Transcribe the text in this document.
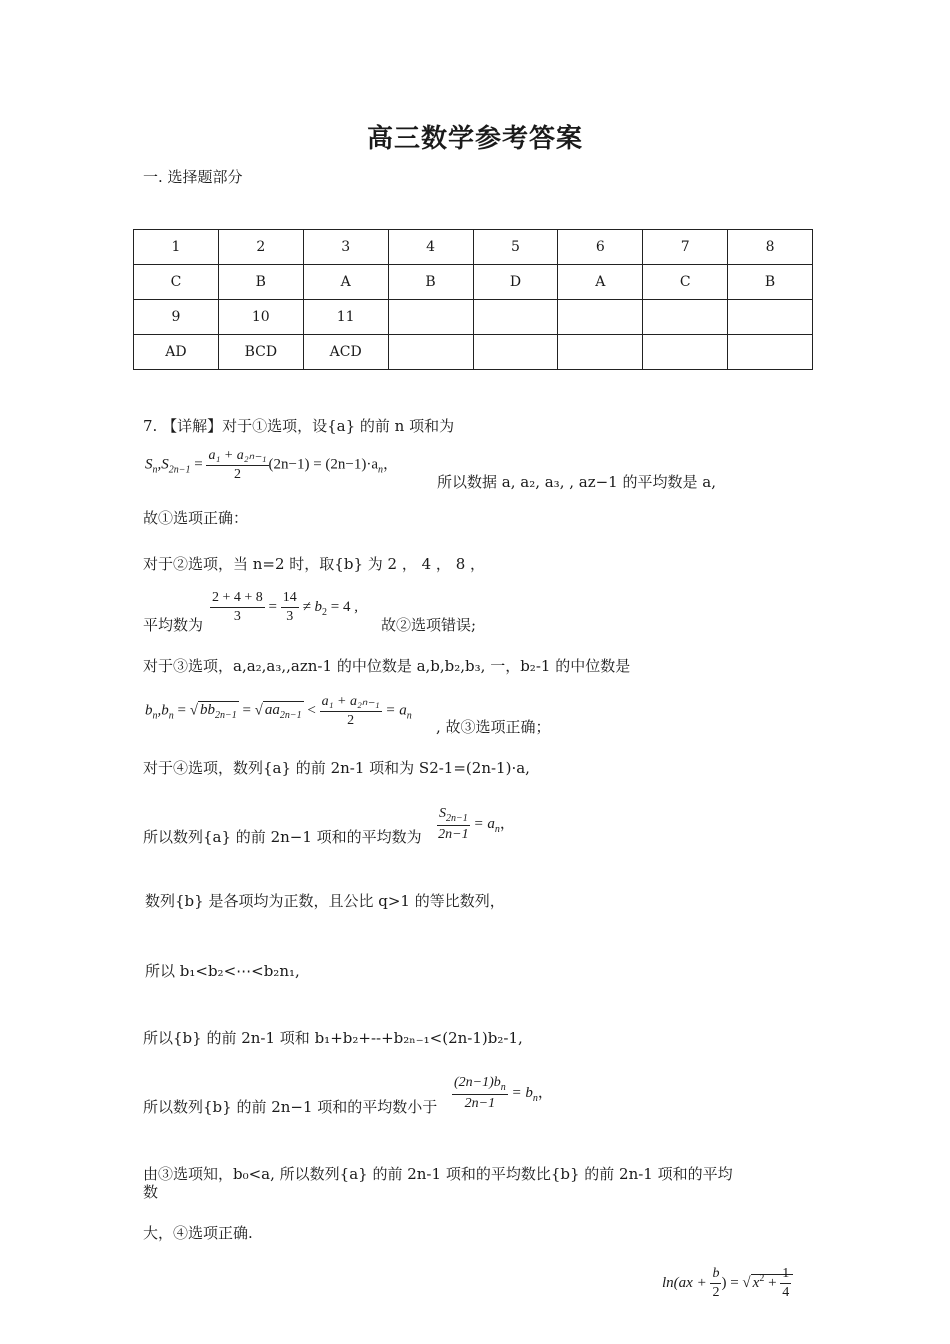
高三数学参考答案
一. 选择题部分
1	2	3	4	5	6	7	8
C	B	A	B	D	A	C	B
9	10	11					
AD	BCD	ACD					
7. 【详解】对于①选项，设{a} 的前 n 项和为
$S_n,S_{2n-1} = \frac{\text{a₁ + a₂ₙ₋₁}}{2} (2n-1) = (2n-1)\cdot a_n$，
所以数据 a, a₂, a₃, , az−1 的平均数是 a,
故①选项正确：
对于②选项，当 n=2 时，取{b} 为 2 ， 4 ， 8 ，
平均数为 $\frac{2 + 4 + 8}{3} = \frac{14}{3} \ne b_2 = 4$ ,
故②选项错误;
对于③选项，a,a₂,a₃,,azn-1 的中位数是 a,b,b₂,b₃, 一，b₂-1 的中位数是
$b_n,b_n$ = √ $bb_{2n-1}$ = √ $aa_{2n-1} < \frac{\text{a₁ + a₂ₙ₋₁}}{2} = a_n$
, 故③选项正确；
对于④选项，数列{a} 的前 2n-1 项和为 S2-1=(2n-1)·a,
所以数列{a} 的前 2n−1 项和的平均数为 $\frac{S_{2n-1}}{2n-1} = a_n$，
数列{b} 是各项均为正数，且公比 q>1 的等比数列，
所以 b₁<b₂<⋯<b₂n₁,
所以{b} 的前 2n-1 项和 b₁+b₂+--+b₂ₙ₋₁<(2n-1)b₂-1,
所以数列{b} 的前 2n−1 项和的平均数小于 $\frac{(2n-1)b_n}{2n-1} = b_n$，
由③选项知，b₀<a, 所以数列{a} 的前 2n-1 项和的平均数比{b} 的前 2n-1 项和的平均
数
大，④选项正确.
$\ln(ax + \frac{b}{2}$ ) = √ $x^2 + \frac{1}{4}$
